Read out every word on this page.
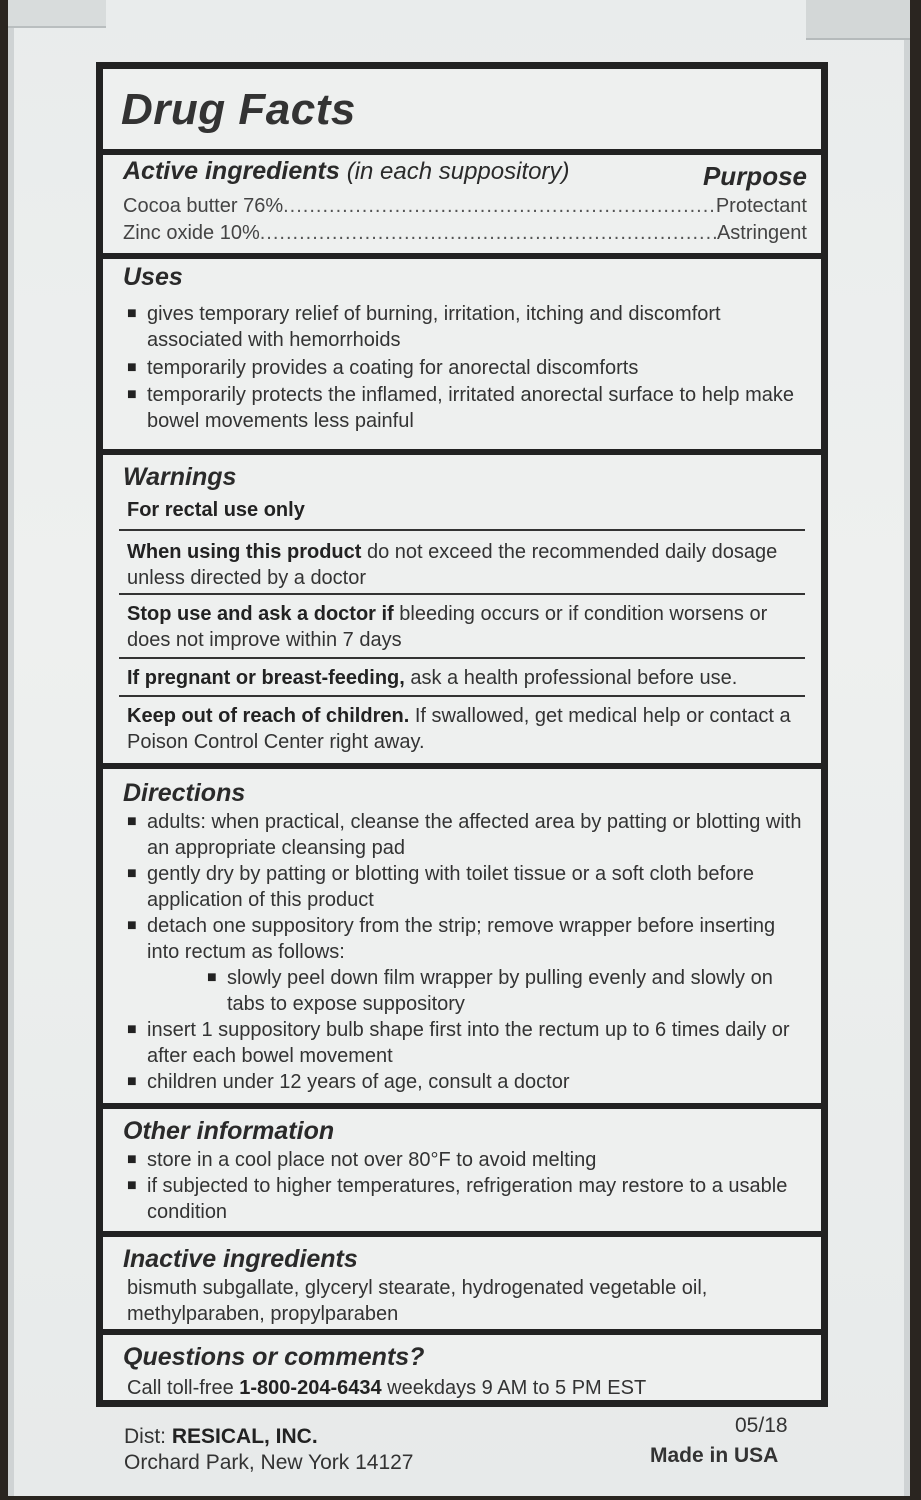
Drug Facts
Active ingredients (in each suppository)	Purpose
Cocoa butter 76% .....	Protectant
Zinc oxide 10% .....	Astringent
Uses
■ gives temporary relief of burning, irritation, itching and discomfort associated with hemorrhoids
■ temporarily provides a coating for anorectal discomforts
■ temporarily protects the inflamed, irritated anorectal surface to help make bowel movements less painful
Warnings
For rectal use only
When using this product do not exceed the recommended daily dosage unless directed by a doctor
Stop use and ask a doctor if bleeding occurs or if condition worsens or does not improve within 7 days
If pregnant or breast-feeding, ask a health professional before use.
Keep out of reach of children. If swallowed, get medical help or contact a Poison Control Center right away.
Directions
■ adults: when practical, cleanse the affected area by patting or blotting with an appropriate cleansing pad
■ gently dry by patting or blotting with toilet tissue or a soft cloth before application of this product
■ detach one suppository from the strip; remove wrapper before inserting into rectum as follows:
■ slowly peel down film wrapper by pulling evenly and slowly on tabs to expose suppository
■ insert 1 suppository bulb shape first into the rectum up to 6 times daily or after each bowel movement
■ children under 12 years of age, consult a doctor
Other information
■ store in a cool place not over 80°F to avoid melting
■ if subjected to higher temperatures, refrigeration may restore to a usable condition
Inactive ingredients
bismuth subgallate, glyceryl stearate, hydrogenated vegetable oil, methylparaben, propylparaben
Questions or comments?
Call toll-free 1-800-204-6434 weekdays 9 AM to 5 PM EST
Dist: RESICAL, INC.
Orchard Park, New York 14127
05/18
Made in USA
